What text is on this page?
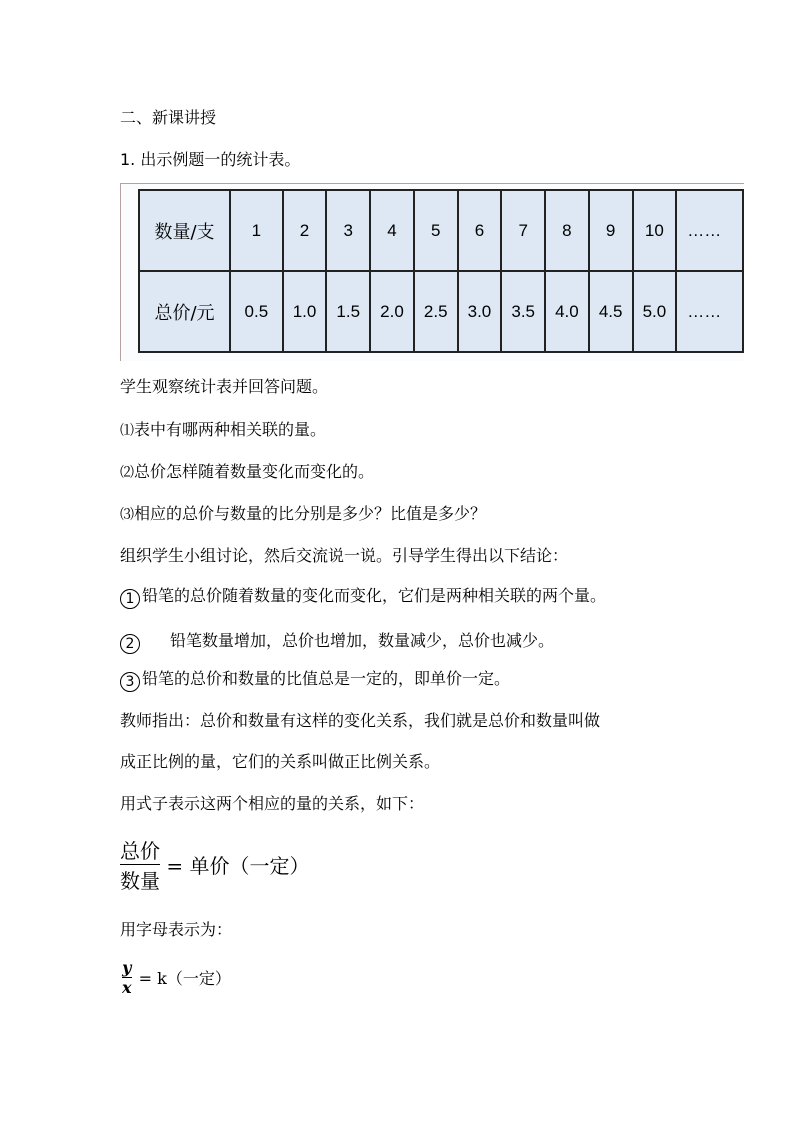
二、新课讲授
1. 出示例题一的统计表。
数量/支	1	2	3	4	5	6	7	8	9	10	……
总价/元	0.5	1.0	1.5	2.0	2.5	3.0	3.5	4.0	4.5	5.0	……
学生观察统计表并回答问题。
⑴表中有哪两种相关联的量。
⑵总价怎样随着数量变化而变化的。
⑶相应的总价与数量的比分别是多少？比值是多少？
组织学生小组讨论，然后交流说一说。引导学生得出以下结论：
1 铅笔的总价随着数量的变化而变化，它们是两种相关联的两个量。
2 铅笔数量增加，总价也增加，数量减少，总价也减少。
3 铅笔的总价和数量的比值总是一定的，即单价一定。
教师指出：总价和数量有这样的变化关系，我们就是总价和数量叫做
成正比例的量，它们的关系叫做正比例关系。
用式子表示这两个相应的量的关系，如下：
$\frac{\text{总价}}{\text{数量}}$ = 单价（一定）
用字母表示为：
$\frac{y}{x} = k$（一定）
